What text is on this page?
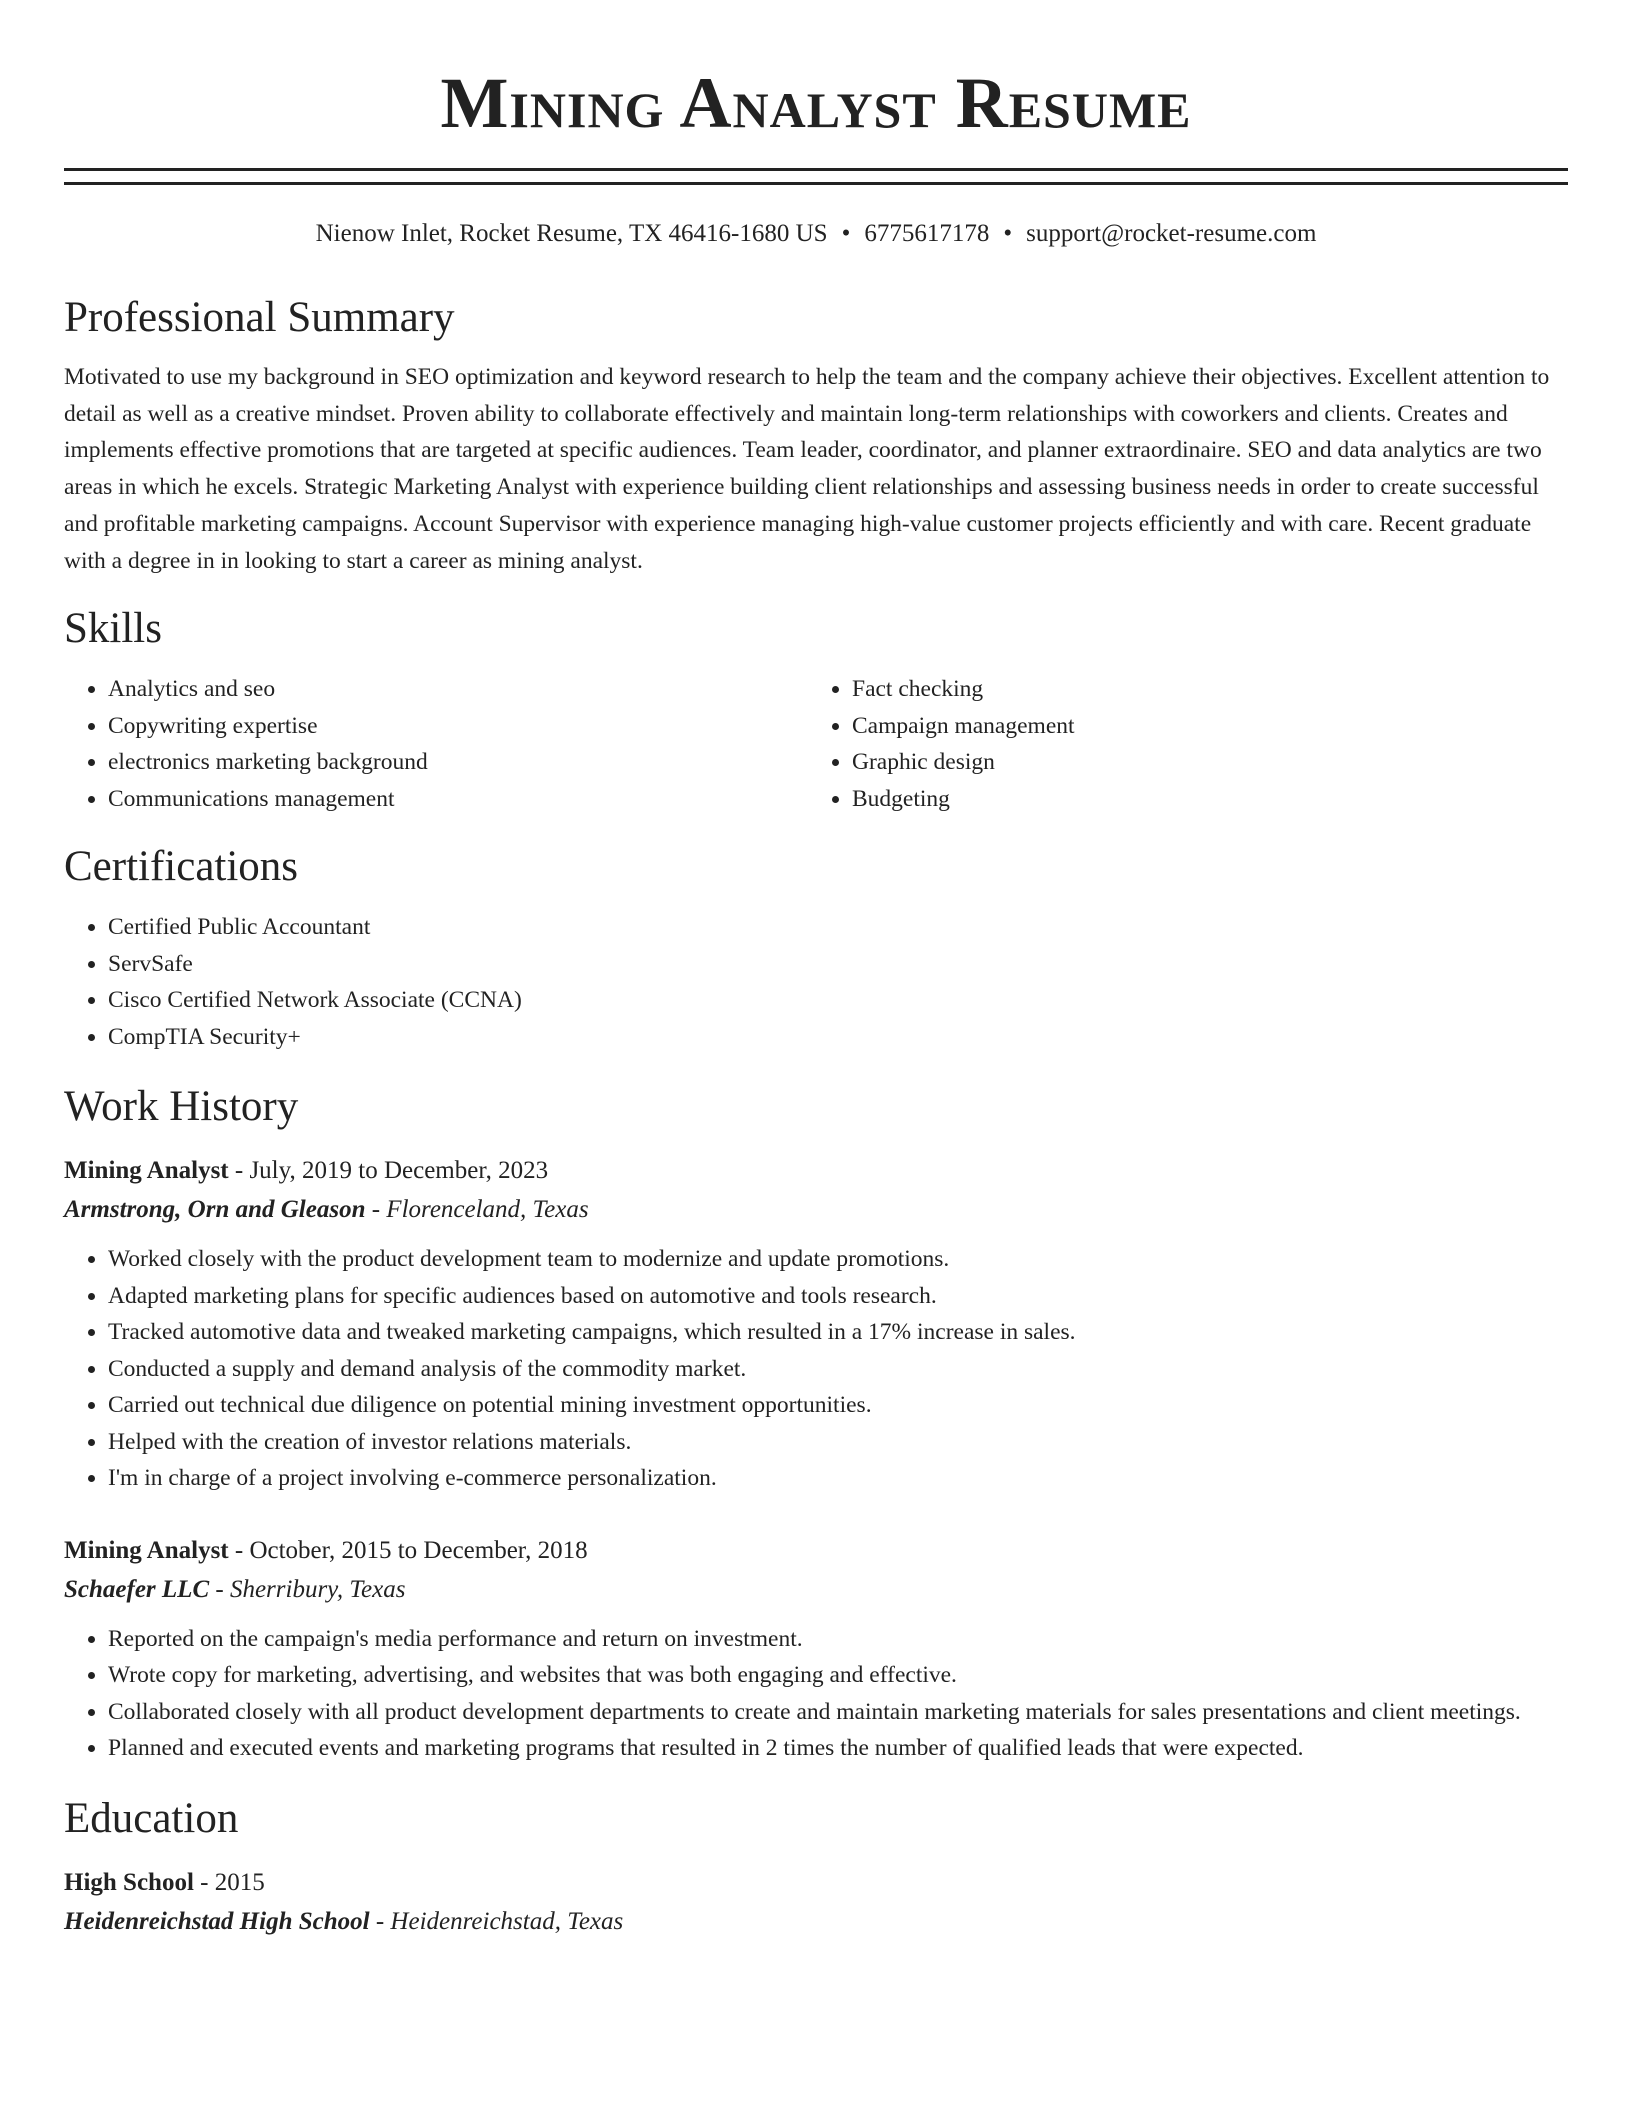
Mining Analyst Resume
Nienow Inlet, Rocket Resume, TX 46416-1680 US • 6775617178 • support@rocket-resume.com
Professional Summary
Motivated to use my background in SEO optimization and keyword research to help the team and the company achieve their objectives. Excellent attention to detail as well as a creative mindset. Proven ability to collaborate effectively and maintain long-term relationships with coworkers and clients. Creates and implements effective promotions that are targeted at specific audiences. Team leader, coordinator, and planner extraordinaire. SEO and data analytics are two areas in which he excels. Strategic Marketing Analyst with experience building client relationships and assessing business needs in order to create successful and profitable marketing campaigns. Account Supervisor with experience managing high-value customer projects efficiently and with care. Recent graduate with a degree in in looking to start a career as mining analyst.
Skills
• Analytics and seo
• Copywriting expertise
• electronics marketing background
• Communications management
• Fact checking
• Campaign management
• Graphic design
• Budgeting
Certifications
• Certified Public Accountant
• ServSafe
• Cisco Certified Network Associate (CCNA)
• CompTIA Security+
Work History
Mining Analyst - July, 2019 to December, 2023
Armstrong, Orn and Gleason - Florenceland, Texas
• Worked closely with the product development team to modernize and update promotions.
• Adapted marketing plans for specific audiences based on automotive and tools research.
• Tracked automotive data and tweaked marketing campaigns, which resulted in a 17% increase in sales.
• Conducted a supply and demand analysis of the commodity market.
• Carried out technical due diligence on potential mining investment opportunities.
• Helped with the creation of investor relations materials.
• I'm in charge of a project involving e-commerce personalization.
Mining Analyst - October, 2015 to December, 2018
Schaefer LLC - Sherribury, Texas
• Reported on the campaign's media performance and return on investment.
• Wrote copy for marketing, advertising, and websites that was both engaging and effective.
• Collaborated closely with all product development departments to create and maintain marketing materials for sales presentations and client meetings.
• Planned and executed events and marketing programs that resulted in 2 times the number of qualified leads that were expected.
Education
High School - 2015
Heidenreichstad High School - Heidenreichstad, Texas
